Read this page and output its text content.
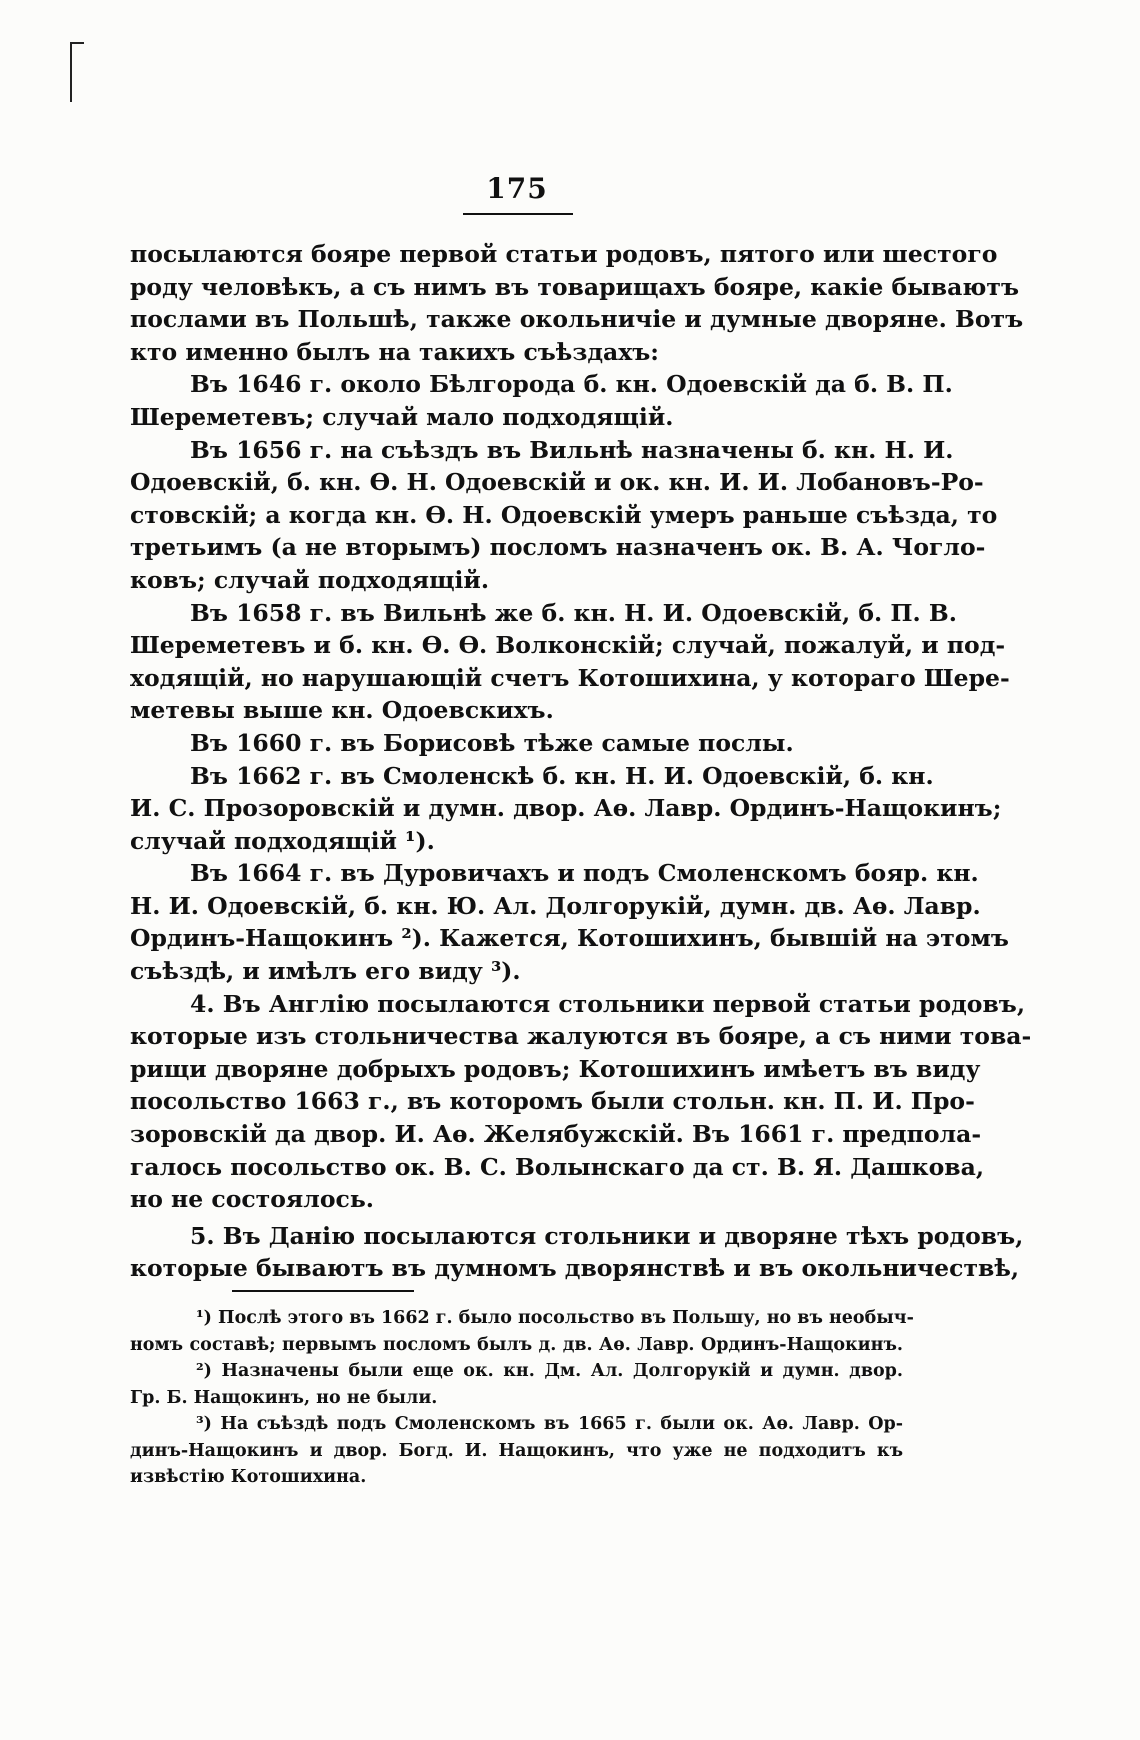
175
посылаются бояре первой статьи родовъ, пятого или шестого
роду человѣкъ, а съ нимъ въ товарищахъ бояре, какіе бываютъ
послами въ Польшѣ, также окольничіе и думные дворяне. Вотъ
кто именно былъ на такихъ съѣздахъ:
Въ 1646 г. около Бѣлгорода б. кн. Одоевскій да б. В. П.
Шереметевъ; случай мало подходящій.
Въ 1656 г. на съѣздъ въ Вильнѣ назначены б. кн. Н. И.
Одоевскій, б. кн. Ѳ. Н. Одоевскій и ок. кн. И. И. Лобановъ-Ро-
стовскій; а когда кн. Ѳ. Н. Одоевскій умеръ раньше съѣзда, то
третьимъ (а не вторымъ) посломъ назначенъ ок. В. А. Чоглo-
ковъ; случай подходящій.
Въ 1658 г. въ Вильнѣ же б. кн. Н. И. Одоевскій, б. П. В.
Шереметевъ и б. кн. Ѳ. Ѳ. Волконскій; случай, пожалуй, и под-
ходящій, но нарушающій счетъ Котошихина, у котораго Шере-
метевы выше кн. Одоевскихъ.
Въ 1660 г. въ Борисовѣ тѣже самые послы.
Въ 1662 г. въ Смоленскѣ б. кн. Н. И. Одоевскій, б. кн.
И. С. Прозоровскій и думн. двор. Аѳ. Лавр. Ординъ-Нащокинъ;
случай подходящій ¹).
Въ 1664 г. въ Дуровичахъ и подъ Смоленскомъ бояр. кн.
Н. И. Одоевскій, б. кн. Ю. Ал. Долгорукій, думн. дв. Аѳ. Лавр.
Ординъ-Нащокинъ ²). Кажется, Котошихинъ, бывшій на этомъ
съѣздѣ, и имѣлъ его виду ³).
4. Въ Англію посылаются стольники первой статьи родовъ,
которые изъ стольничества жалуются въ бояре, а съ ними това-
рищи дворяне добрыхъ родовъ; Котошихинъ имѣетъ въ виду
посольство 1663 г., въ которомъ были стольн. кн. П. И. Про-
зоровскій да двор. И. Аѳ. Желябужскій. Въ 1661 г. предпола-
галось посольство ок. В. С. Волынскаго да ст. В. Я. Дашкова,
но не состоялось.
5. Въ Данію посылаются стольники и дворяне тѣхъ родовъ,
которые бываютъ въ думномъ дворянствѣ и въ окольничествѣ,
¹) Послѣ этого въ 1662 г. было посольство въ Польшу, но въ необыч-
номъ составѣ; первымъ посломъ былъ д. дв. Аѳ. Лавр. Ординъ-Нащокинъ.
²) Назначены были еще ок. кн. Дм. Ал. Долгорукій и думн. двор.
Гр. Б. Нащокинъ, но не были.
³) На съѣздѣ подъ Смоленскомъ въ 1665 г. были ок. Аѳ. Лавр. Ор-
динъ-Нащокинъ и двор. Богд. И. Нащокинъ, что уже не подходитъ къ
извѣстію Котошихина.
